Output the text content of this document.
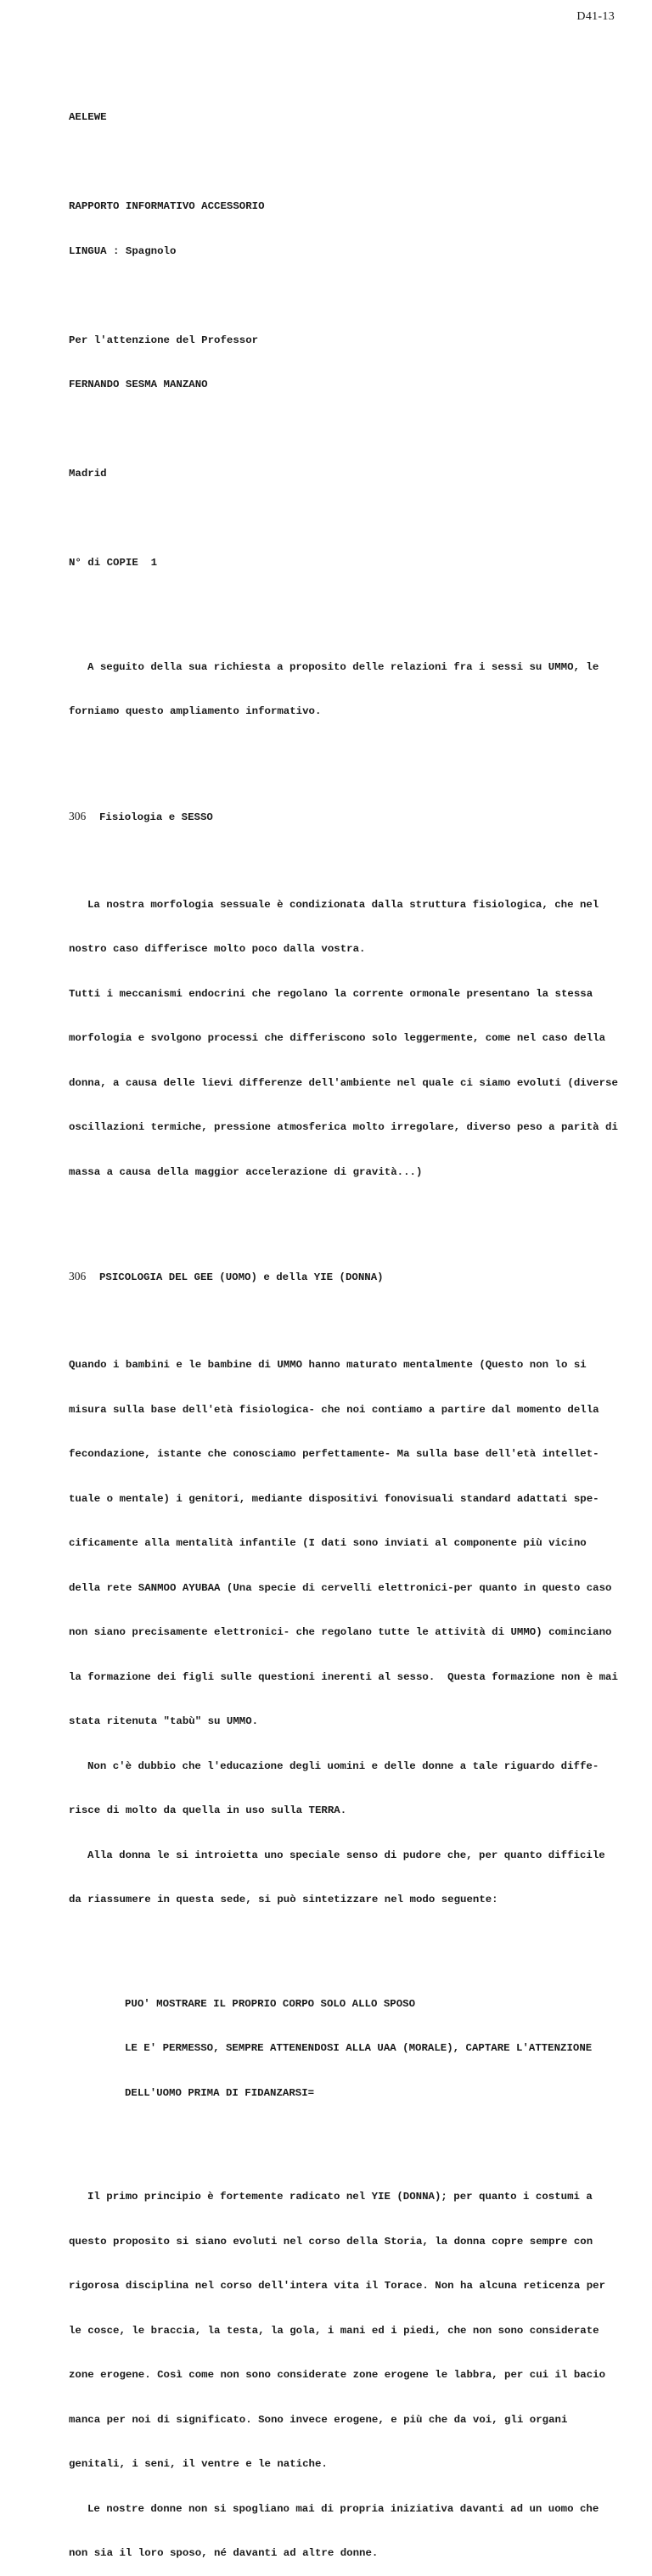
D41-13

AELEWE

RAPPORTO INFORMATIVO ACCESSORIO

LINGUA : Spagnolo

Per l'attenzione del Professor

FERNANDO SESMA MANZANO

Madrid

N° di COPIE  1

A seguito della sua richiesta a proposito delle relazioni fra i sessi su UMMO, le

forniamo questo ampliamento informativo.

306 Fisiologia e SESSO

La nostra morfologia sessuale è condizionata dalla struttura fisiologica, che nel

nostro caso differisce molto poco dalla vostra.

Tutti i meccanismi endocrini che regolano la corrente ormonale presentano la stessa

morfologia e svolgono processi che differiscono solo leggermente, come nel caso della

donna, a causa delle lievi differenze dell'ambiente nel quale ci siamo evoluti (diverse

oscillazioni termiche, pressione atmosferica molto irregolare, diverso peso a parità di

massa a causa della maggior accelerazione di gravità...)

306 PSICOLOGIA DEL GEE (UOMO) e della YIE (DONNA)

Quando i bambini e le bambine di UMMO hanno maturato mentalmente (Questo non lo si

misura sulla base dell'età fisiologica- che noi contiamo a partire dal momento della

fecondazione, istante che conosciamo perfettamente- Ma sulla base dell'età intellet-

tuale o mentale) i genitori, mediante dispositivi fonovisuali standard adattati spe-

cificamente alla mentalità infantile (I dati sono inviati al componente più vicino

della rete SANMOO AYUBAA (Una specie di cervelli elettronici-per quanto in questo caso

non siano precisamente elettronici- che regolano tutte le attività di UMMO) cominciano

la formazione dei figli sulle questioni inerenti al sesso.  Questa formazione non è mai

stata ritenuta "tabù" su UMMO.

Non c'è dubbio che l'educazione degli uomini e delle donne a tale riguardo diffe-

risce di molto da quella in uso sulla TERRA.

Alla donna le si introietta uno speciale senso di pudore che, per quanto difficile

da riassumere in questa sede, si può sintetizzare nel modo seguente:

PUO' MOSTRARE IL PROPRIO CORPO SOLO ALLO SPOSO

LE E' PERMESSO, SEMPRE ATTENENDOSI ALLA UAA (MORALE), CAPTARE L'ATTENZIONE

DELL'UOMO PRIMA DI FIDANZARSI=

Il primo principio è fortemente radicato nel YIE (DONNA); per quanto i costumi a

questo proposito si siano evoluti nel corso della Storia, la donna copre sempre con

rigorosa disciplina nel corso dell'intera vita il Torace. Non ha alcuna reticenza per

le cosce, le braccia, la testa, la gola, i mani ed i piedi, che non sono considerate

zone erogene. Così come non sono considerate zone erogene le labbra, per cui il bacio

manca per noi di significato. Sono invece erogene, e più che da voi, gli organi

genitali, i seni, il ventre e le natiche.

Le nostre donne non si spogliano mai di propria iniziativa davanti ad un uomo che

non sia il loro sposo, né davanti ad altre donne.
